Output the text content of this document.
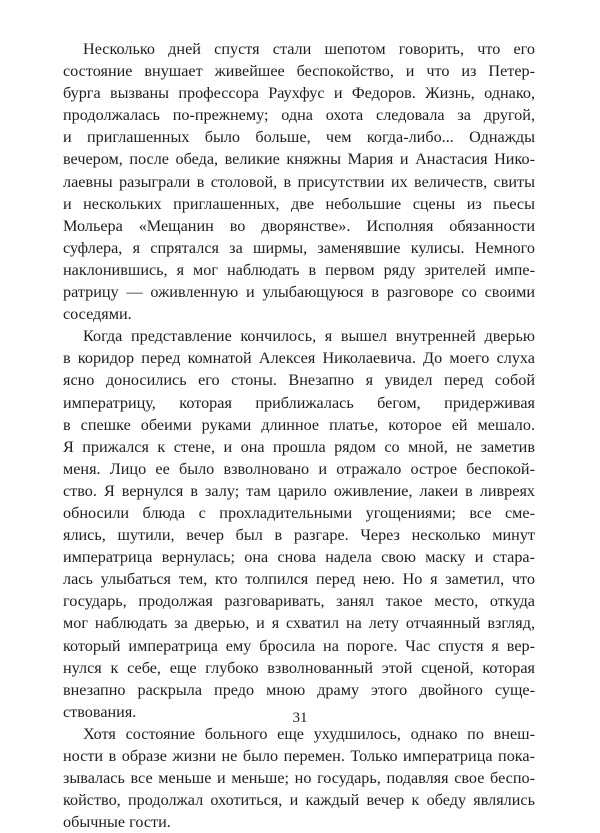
Несколько дней спустя стали шепотом говорить, что его
состояние внушает живейшее беспокойство, и что из Петер-
бурга вызваны профессора Раухфус и Федоров. Жизнь, однако,
продолжалась по-прежнему; одна охота следовала за другой,
и приглашенных было больше, чем когда-либо... Однажды
вечером, после обеда, великие княжны Мария и Анастасия Нико-
лаевны разыграли в столовой, в присутствии их величеств, свиты
и нескольких приглашенных, две небольшие сцены из пьесы
Мольера «Мещанин во дворянстве». Исполняя обязанности
суфлера, я спрятался за ширмы, заменявшие кулисы. Немного
наклонившись, я мог наблюдать в первом ряду зрителей импе-
ратрицу — оживленную и улыбающуюся в разговоре со своими
соседями.
Когда представление кончилось, я вышел внутренней дверью
в коридор перед комнатой Алексея Николаевича. До моего слуха
ясно доносились его стоны. Внезапно я увидел перед собой
императрицу, которая приближалась бегом, придерживая
в спешке обеими руками длинное платье, которое ей мешало.
Я прижался к стене, и она прошла рядом со мной, не заметив
меня. Лицо ее было взволновано и отражало острое беспокой-
ство. Я вернулся в залу; там царило оживление, лакеи в ливреях
обносили блюда с прохладительными угощениями; все сме-
ялись, шутили, вечер был в разгаре. Через несколько минут
императрица вернулась; она снова надела свою маску и стара-
лась улыбаться тем, кто толпился перед нею. Но я заметил, что
государь, продолжая разговаривать, занял такое место, откуда
мог наблюдать за дверью, и я схватил на лету отчаянный взгляд,
который императрица ему бросила на пороге. Час спустя я вер-
нулся к себе, еще глубоко взволнованный этой сценой, которая
внезапно раскрыла предо мною драму этого двойного суще-
ствования.
Хотя состояние больного еще ухудшилось, однако по внеш-
ности в образе жизни не было перемен. Только императрица пока-
зывалась все меньше и меньше; но государь, подавляя свое беспо-
койство, продолжал охотиться, и каждый вечер к обеду являлись
обычные гости.
31
